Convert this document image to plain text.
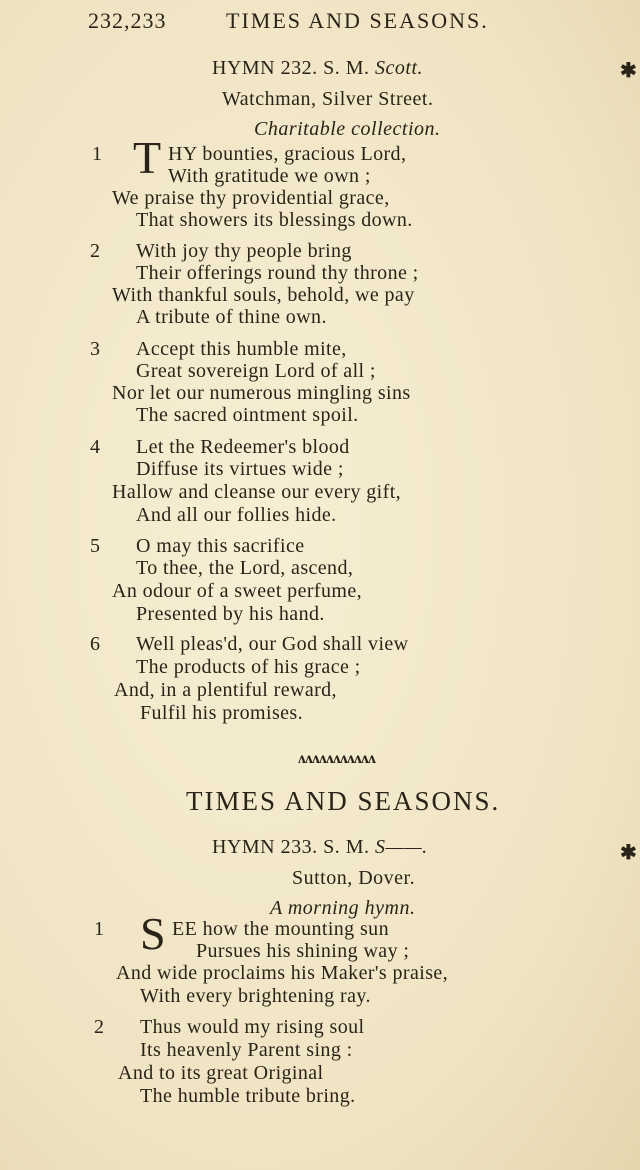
232,233	TIMES AND SEASONS.
HYMN 232. S. M. Scott.	✱
Watchman, Silver Street.
Charitable collection.
1 T HY bounties, gracious Lord,
With gratitude we own ;
We praise thy providential grace,
That showers its blessings down.
2 With joy thy people bring
Their offerings round thy throne ;
With thankful souls, behold, we pay
A tribute of thine own.
3 Accept this humble mite,
Great sovereign Lord of all ;
Nor let our numerous mingling sins
The sacred ointment spoil.
4 Let the Redeemer's blood
Diffuse its virtues wide ;
Hallow and cleanse our every gift,
And all our follies hide.
5 O may this sacrifice
To thee, the Lord, ascend,
An odour of a sweet perfume,
Presented by his hand.
6 Well pleas'd, our God shall view
The products of his grace ;
And, in a plentiful reward,
Fulfil his promises.
ʌʌʌʌʌʌʌʌʌʌʌ
TIMES AND SEASONS.
HYMN 233. S. M. S——.	✱
Sutton, Dover.
A morning hymn.
1 S EE how the mounting sun
Pursues his shining way ;
And wide proclaims his Maker's praise,
With every brightening ray.
2 Thus would my rising soul
Its heavenly Parent sing :
And to its great Original
The humble tribute bring.
